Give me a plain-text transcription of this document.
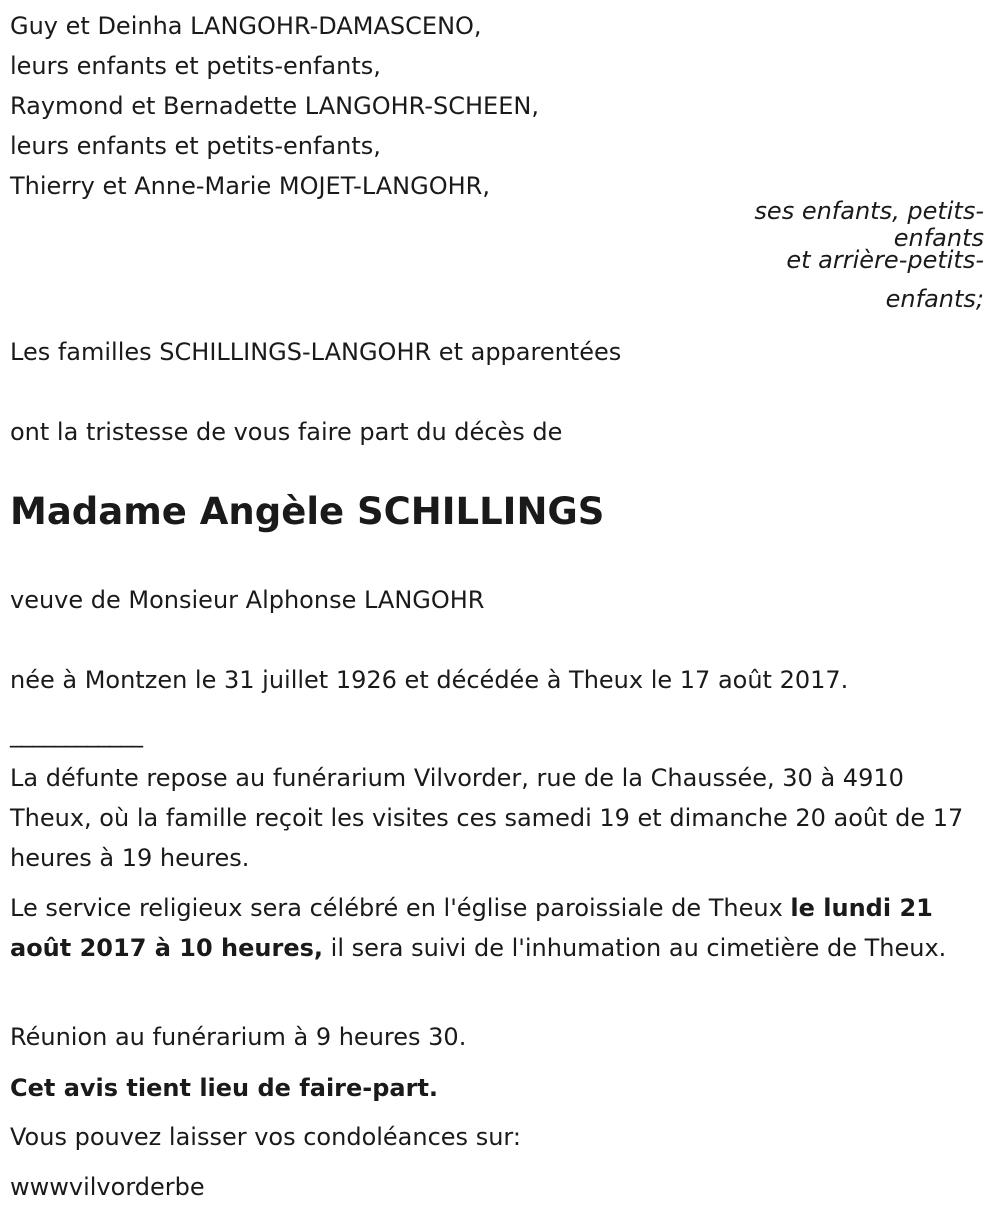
Guy et Deinha LANGOHR-DAMASCENO,

leurs enfants et petits-enfants,

Raymond et Bernadette LANGOHR-SCHEEN,

leurs enfants et petits-enfants,

Thierry et Anne-Marie MOJET-LANGOHR,

ses enfants, petits-
enfants
et arrière-petits-
enfants;

Les familles SCHILLINGS-LANGOHR et apparentées

ont la tristesse de vous faire part du décès de

Madame Angèle SCHILLINGS

veuve de Monsieur Alphonse LANGOHR

née à Montzen le 31 juillet 1926 et décédée à Theux le 17 août 2017.

____________

La défunte repose au funérarium Vilvorder, rue de la Chaussée, 30 à 4910 Theux, où la famille reçoit les visites ces samedi 19 et dimanche 20 août de 17 heures à 19 heures.

Le service religieux sera célébré en l'église paroissiale de Theux le lundi 21 août 2017 à 10 heures, il sera suivi de l'inhumation au cimetière de Theux.

Réunion au funérarium à 9 heures 30.

Cet avis tient lieu de faire-part.

Vous pouvez laisser vos condoléances sur:

wwwvilvorderbe
